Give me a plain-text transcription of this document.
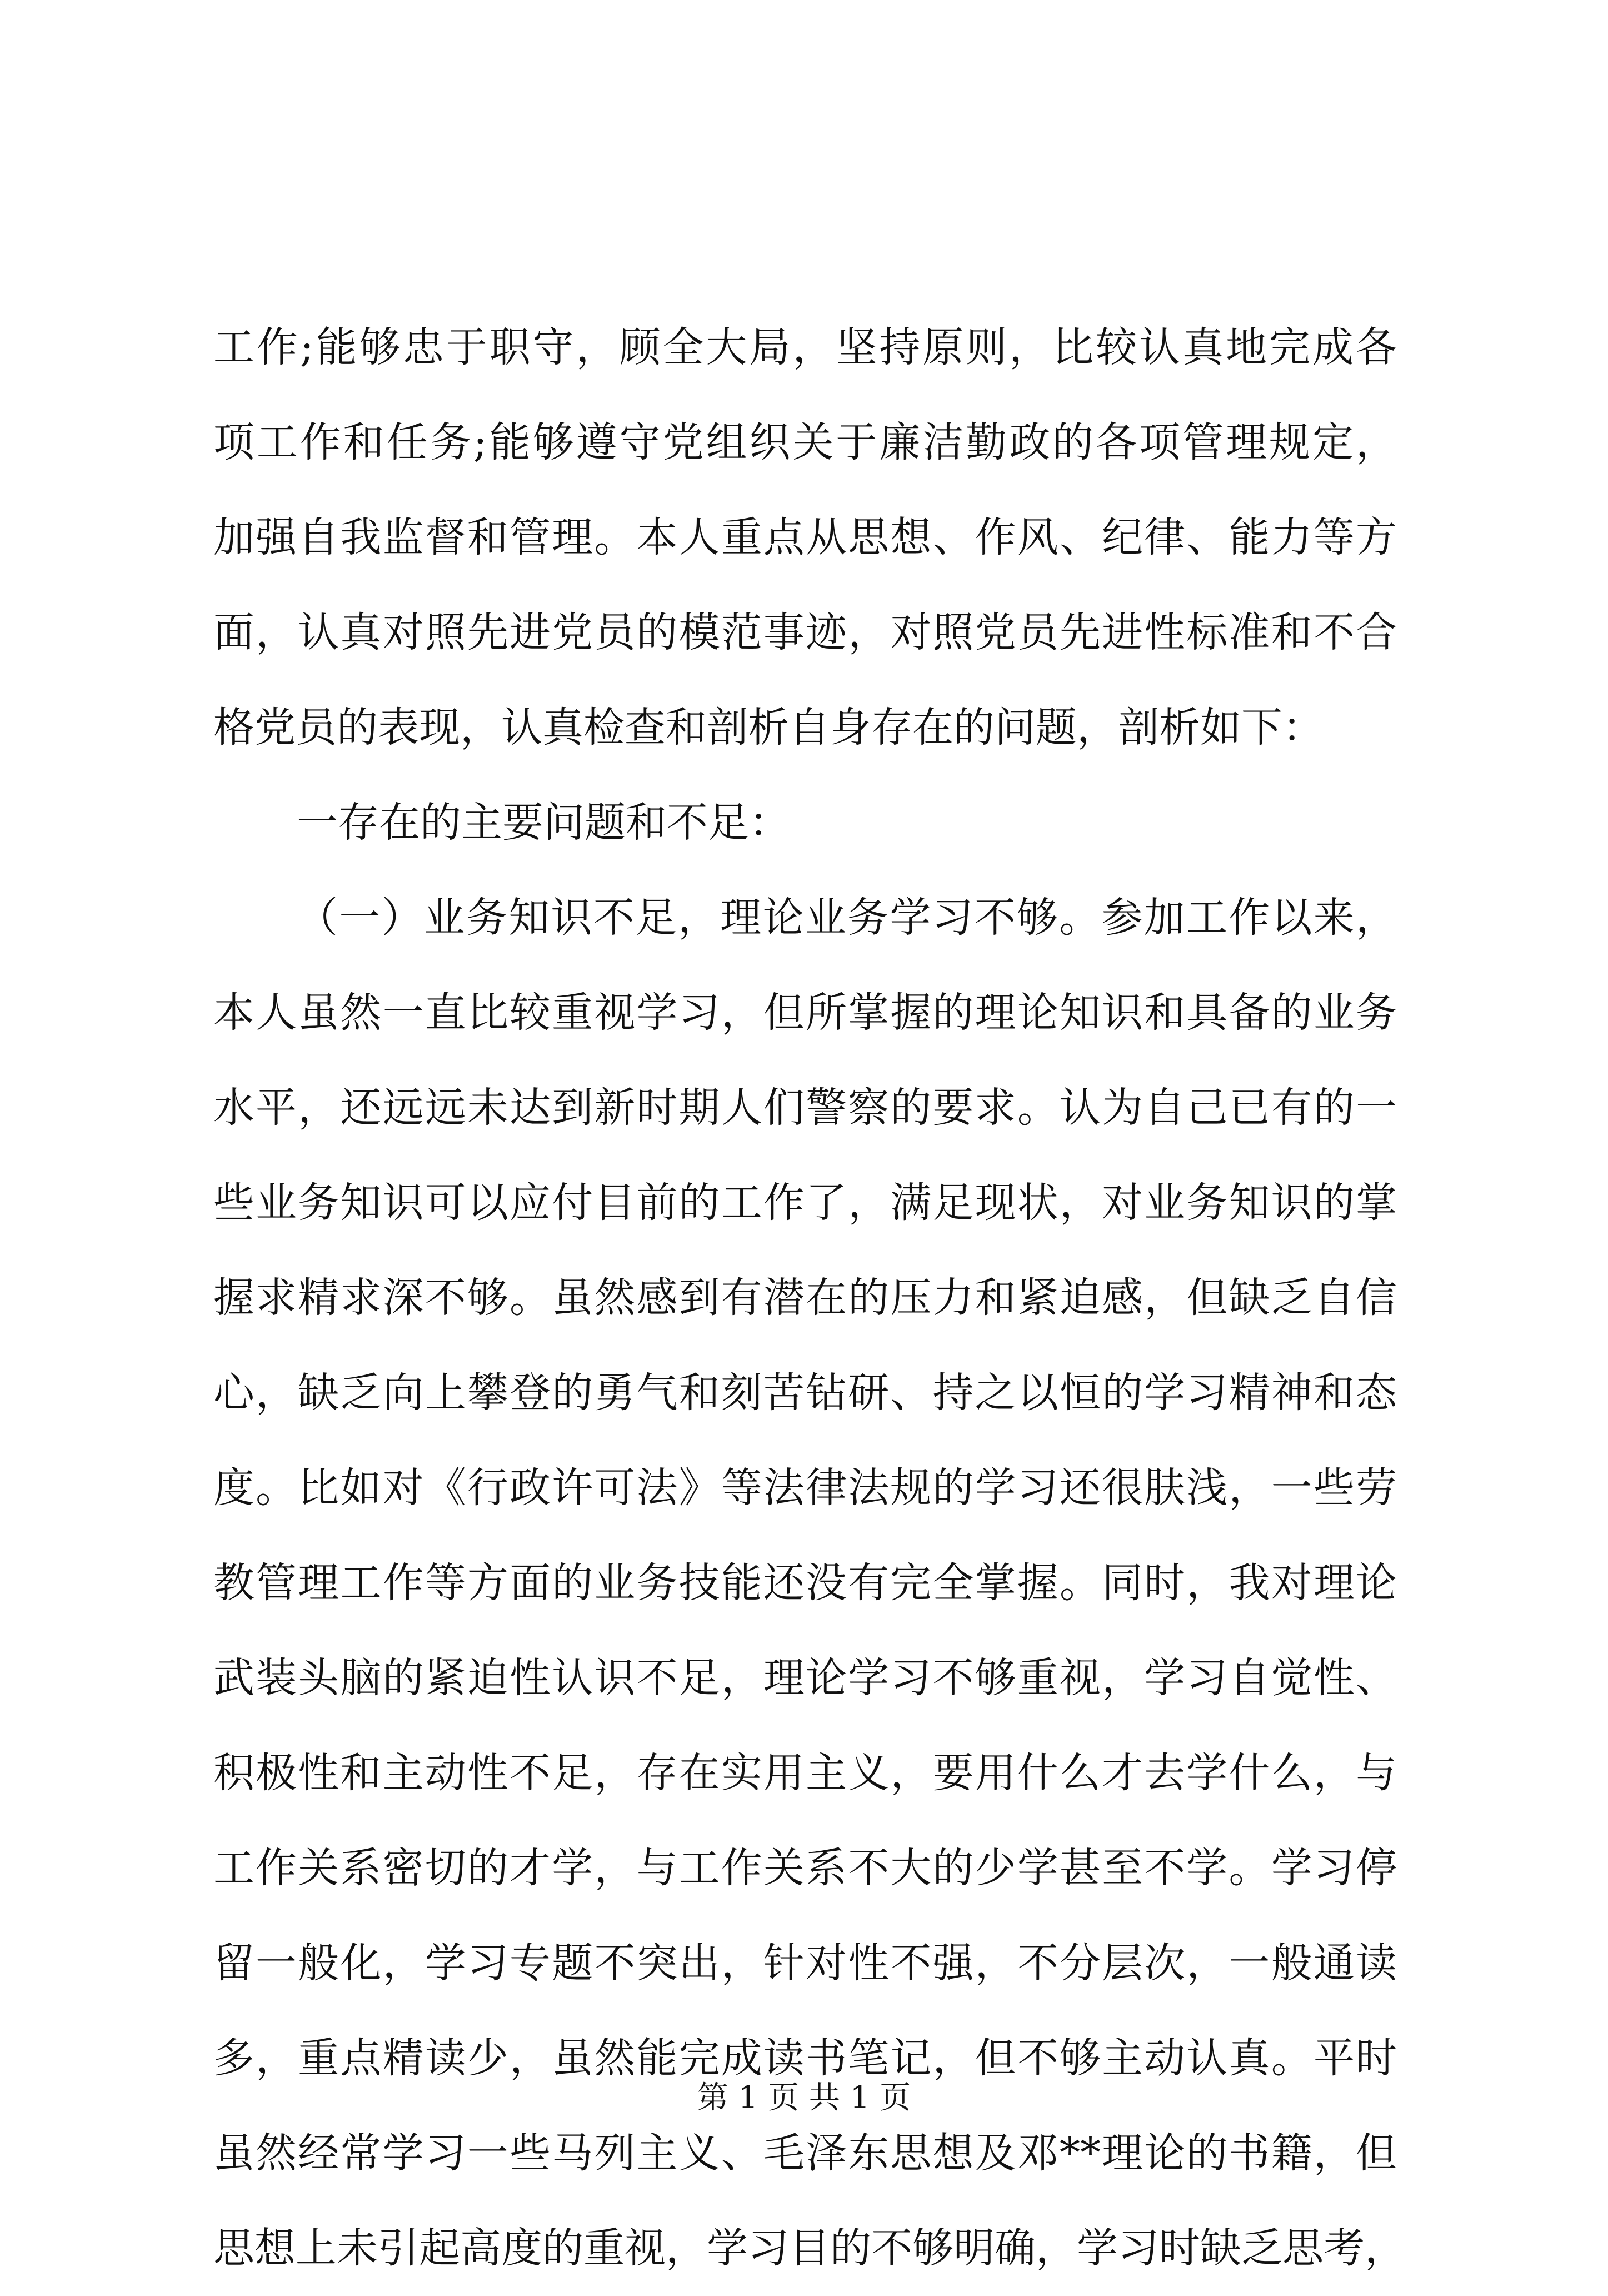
工作;能够忠于职守，顾全大局，坚持原则，比较认真地完成各
项工作和任务;能够遵守党组织关于廉洁勤政的各项管理规定，
加强自我监督和管理。本人重点从思想、作风、纪律、能力等方
面，认真对照先进党员的模范事迹，对照党员先进性标准和不合
格党员的表现，认真检查和剖析自身存在的问题，剖析如下：
一存在的主要问题和不足：
（一）业务知识不足，理论业务学习不够。参加工作以来，
本人虽然一直比较重视学习，但所掌握的理论知识和具备的业务
水平，还远远未达到新时期人们警察的要求。认为自己已有的一
些业务知识可以应付目前的工作了，满足现状，对业务知识的掌
握求精求深不够。虽然感到有潜在的压力和紧迫感，但缺乏自信
心，缺乏向上攀登的勇气和刻苦钻研、持之以恒的学习精神和态
度。比如对《行政许可法》等法律法规的学习还很肤浅，一些劳
教管理工作等方面的业务技能还没有完全掌握。同时，我对理论
武装头脑的紧迫性认识不足，理论学习不够重视，学习自觉性、
积极性和主动性不足，存在实用主义，要用什么才去学什么，与
工作关系密切的才学，与工作关系不大的少学甚至不学。学习停
留一般化，学习专题不突出，针对性不强，不分层次，一般通读
多，重点精读少，虽然能完成读书笔记，但不够主动认真。平时
虽然经常学习一些马列主义、毛泽东思想及邓**理论的书籍，但
思想上未引起高度的重视，学习目的不够明确，学习时缺乏思考，
第 1 页 共 1 页
